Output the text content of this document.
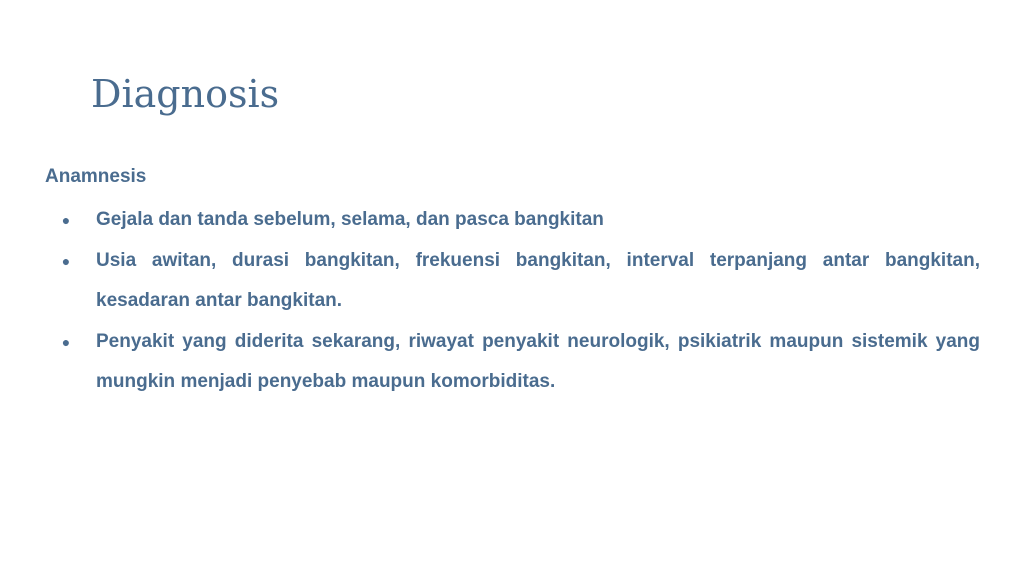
Diagnosis

Anamnesis

● Gejala dan tanda sebelum, selama, dan pasca bangkitan
● Usia awitan, durasi bangkitan, frekuensi bangkitan, interval terpanjang antar bangkitan, kesadaran antar bangkitan.
● Penyakit yang diderita sekarang, riwayat penyakit neurologik, psikiatrik maupun sistemik yang mungkin menjadi penyebab maupun komorbiditas.
